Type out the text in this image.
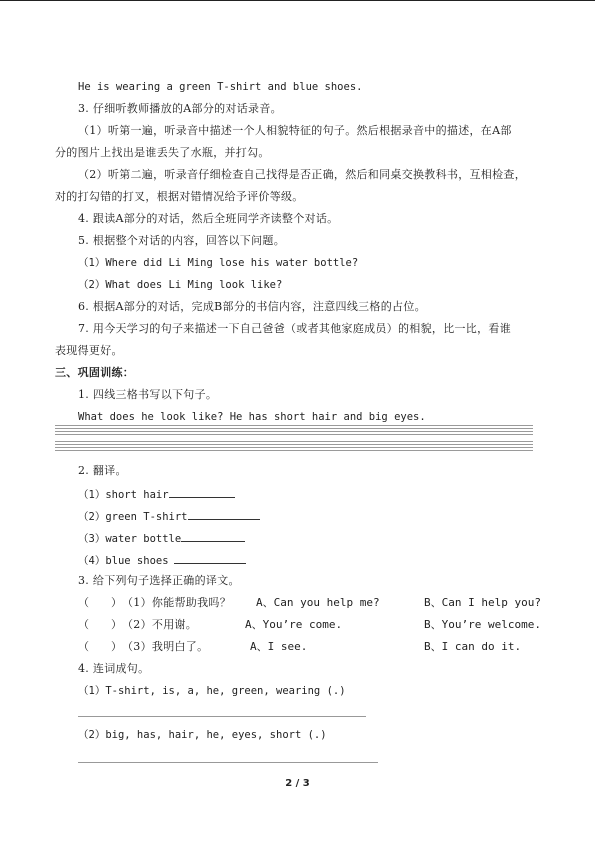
He is wearing a green T-shirt and blue shoes.
3. 仔细听教师播放的A部分的对话录音。
（1）听第一遍，听录音中描述一个人相貌特征的句子。然后根据录音中的描述，在A部
分的图片上找出是谁丢失了水瓶，并打勾。
（2）听第二遍，听录音仔细检查自己找得是否正确，然后和同桌交换教科书，互相检查，
对的打勾错的打叉，根据对错情况给予评价等级。
4. 跟读A部分的对话，然后全班同学齐读整个对话。
5. 根据整个对话的内容，回答以下问题。
（1）Where did Li Ming lose his water bottle?
（2）What does Li Ming look like?
6. 根据A部分的对话，完成B部分的书信内容，注意四线三格的占位。
7. 用今天学习的句子来描述一下自己爸爸（或者其他家庭成员）的相貌，比一比，看谁
表现得更好。
三、巩固训练：
1. 四线三格书写以下句子。
What does he look like? He has short hair and big eyes.
2. 翻译。
（1）short hair
（2）green T-shirt
（3）water bottle
（4）blue shoes
3. 给下列句子选择正确的译文。
（　　） （1）你能帮助我吗？ A、Can you help me?	B、Can I help you?
（　　） （2）不用谢。	A、You’re come.	B、You’re welcome.
（　　） （3）我明白了。	A、I see.	B、I can do it.
4. 连词成句。
（1）T-shirt, is, a, he, green, wearing (.)
（2）big, has, hair, he, eyes, short (.)
2 / 3
